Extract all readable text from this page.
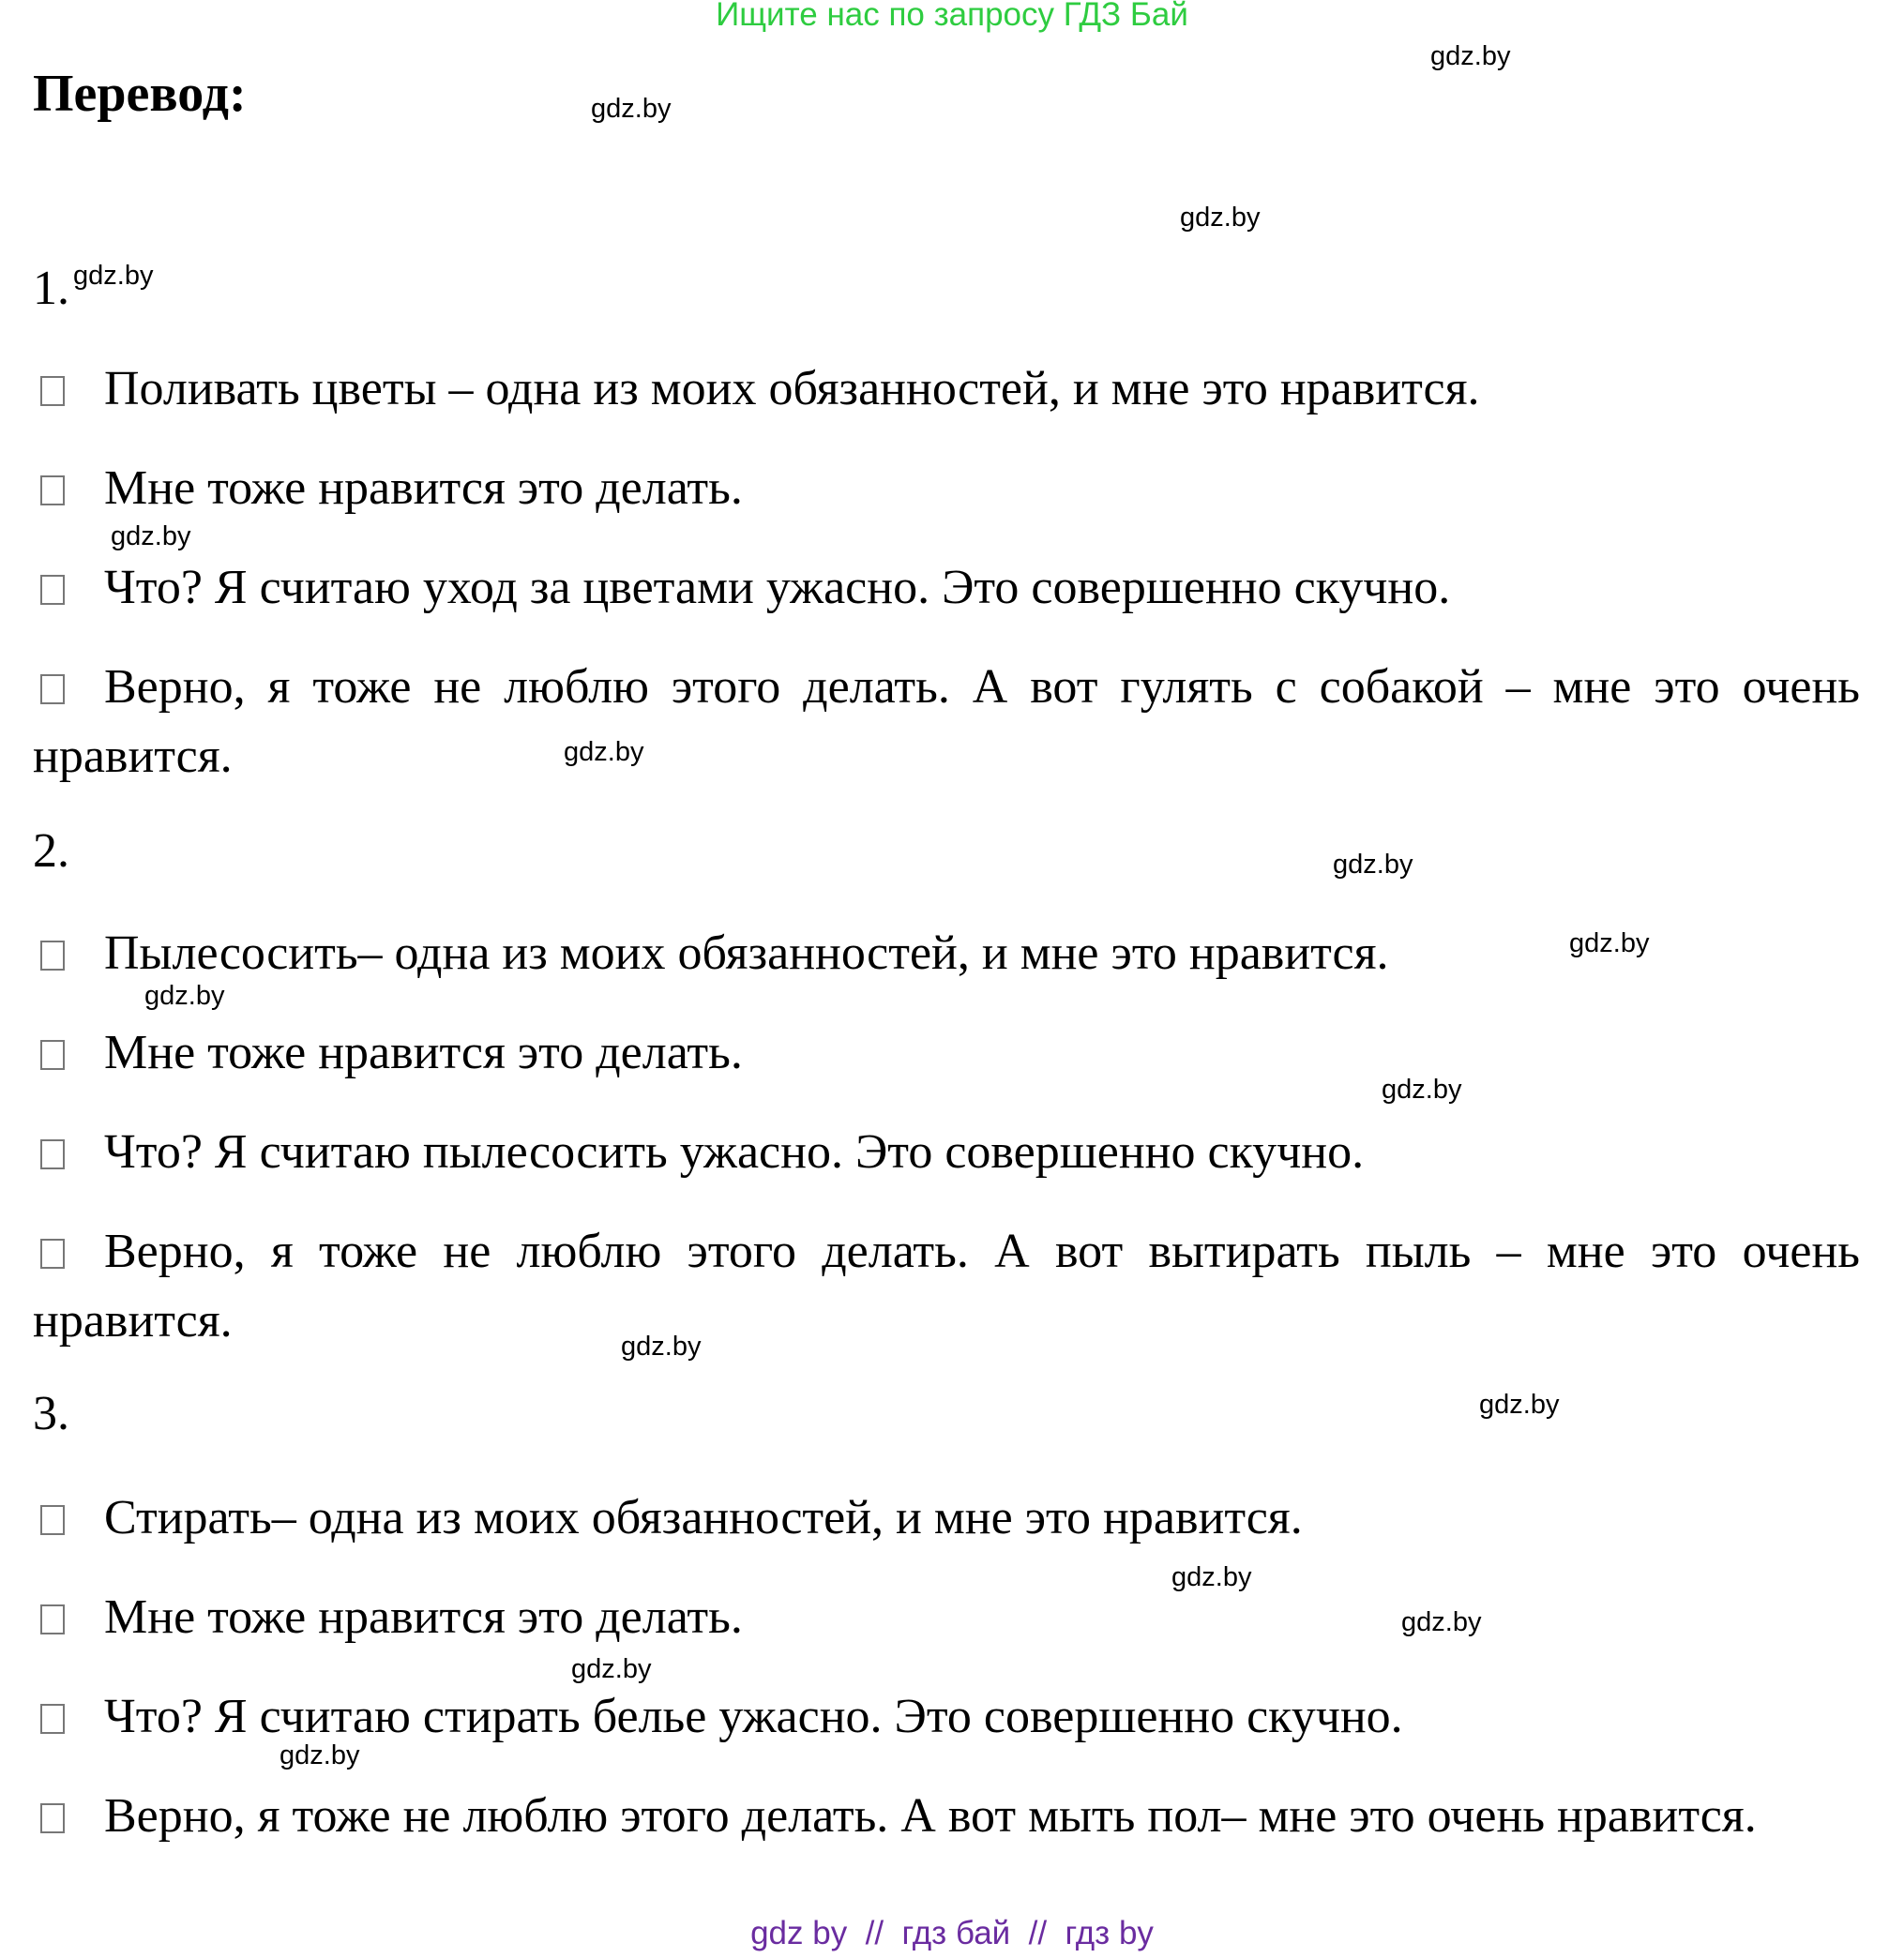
Ищите нас по запросу ГДЗ Бай
Перевод:
1.
Поливать цветы – одна из моих обязанностей, и мне это нравится.
Мне тоже нравится это делать.
Что? Я считаю уход за цветами ужасно. Это совершенно скучно.
Верно, я тоже не люблю этого делать. А вот гулять с собакой – мне это очень нравится.
2.
Пылесосить– одна из моих обязанностей, и мне это нравится.
Мне тоже нравится это делать.
Что? Я считаю пылесосить ужасно. Это совершенно скучно.
Верно, я тоже не люблю этого делать. А вот вытирать пыль – мне это очень нравится.
3.
Стирать– одна из моих обязанностей, и мне это нравится.
Мне тоже нравится это делать.
Что? Я считаю стирать белье ужасно. Это совершенно скучно.
Верно, я тоже не люблю этого делать. А вот мыть пол– мне это очень нравится.
gdz.by
gdz.by
gdz.by
gdz.by
gdz.by
gdz.by
gdz.by
gdz.by
gdz.by
gdz.by
gdz.by
gdz.by
gdz.by
gdz.by
gdz.by
gdz.by
gdz by  //  гдз бай  //  гдз by
